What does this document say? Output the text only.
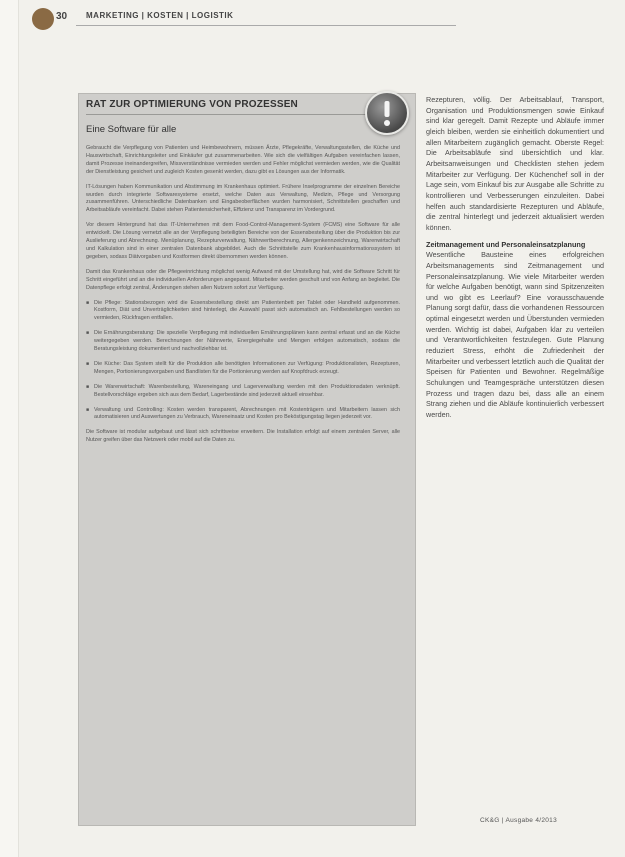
30 MARKETING | KOSTEN | LOGISTIK
RAT ZUR OPTIMIERUNG VON PROZESSEN
Eine Software für alle

Gebraucht die Verpflegung von Patienten und Heimbewohnern, müssen Ärzte, Pflegekräfte, Verwaltungsstellen, die Küche und Hauswirtschaft, Einrichtungsleiter und Einkäufer gut zusammenarbeiten. Wie sich die vielfältigen Aufgaben vereinfachen lassen, damit Prozesse ineinandergreifen, Missverständnisse vermieden werden und Fehler möglichst vermieden werden, wie die Qualität der Dienstleistung gesichert und zugleich Kosten gesenkt werden, dazu gibt es Lösungen aus der Informatik.

IT-Lösungen haben Kommunikation und Abstimmung im Krankenhaus optimiert. Frühere Inselprogramme der einzelnen Bereiche wurden durch integrierte Softwaresysteme ersetzt, welche Daten aus Verwaltung, Medizin, Pflege und Versorgung zusammenführen. Unterschiedliche Datenbanken und Eingabeoberflächen wurden harmonisiert, Schnittstellen geschaffen und Arbeitsabläufe vereinfacht. Dabei stehen Patientensicherheit, Effizienz und Transparenz im Vordergrund.

Vor diesem Hintergrund hat das IT-Unternehmen mit dem Food-Control-Management-System (FCMS) eine Software für alle entwickelt. Die Lösung vernetzt alle an der Verpflegung beteiligten Bereiche von der Essensbestellung über die Produktion bis zur Auslieferung und Abrechnung. Menüplanung, Rezepturverwaltung, Nährwertberechnung, Allergenkennzeichnung, Warenwirtschaft und Kalkulation sind in einer zentralen Datenbank abgebildet. Auch die Schnittstelle zum Krankenhausinformationssystem ist gegeben, sodass Diätvorgaben und Kostformen direkt übernommen werden können.

Damit das Krankenhaus oder die Pflegeeinrichtung möglichst wenig Aufwand mit der Umstellung hat, wird die Software Schritt für Schritt eingeführt und an die individuellen Anforderungen angepasst. Mitarbeiter werden geschult und von Anfang an begleitet. Die Datenpflege erfolgt zentral, Änderungen stehen allen Nutzern sofort zur Verfügung.

■ Die Pflege: Stationsbezogen wird die Essensbestellung direkt am Patientenbett per Tablet oder Handheld aufgenommen. Kostform, Diät und Unverträglichkeiten sind hinterlegt, die Auswahl passt sich automatisch an. Fehlbestellungen werden so vermieden, Rückfragen entfallen.

■ Die Ernährungsberatung: Die spezielle Verpflegung mit individuellen Ernährungsplänen kann zentral erfasst und an die Küche weitergegeben werden. Berechnungen der Nährwerte, Energiegehalte und Mengen erfolgen automatisch, sodass die Beratungsleistung dokumentiert und nachvollziehbar ist.

■ Die Küche: Das System stellt für die Produktion alle benötigten Informationen zur Verfügung: Produktionslisten, Rezepturen, Mengen, Portionierungsvorgaben und Bandlisten für die Portionierung werden auf Knopfdruck erzeugt.

■ Die Warenwirtschaft: Warenbestellung, Wareneingang und Lagerverwaltung werden mit den Produktionsdaten verknüpft. Bestellvorschläge ergeben sich aus dem Bedarf, Lagerbestände sind jederzeit aktuell einsehbar.

■ Verwaltung und Controlling: Kosten werden transparent, Abrechnungen mit Kostenträgern und Mitarbeitern lassen sich automatisieren und Auswertungen zu Verbrauch, Wareneinsatz und Kosten pro Beköstigungstag liegen jederzeit vor.

Die Software ist modular aufgebaut und lässt sich schrittweise erweitern. Die Installation erfolgt auf einem zentralen Server, alle Nutzer greifen über das Netzwerk oder mobil auf die Daten zu.

Rezepturen, völlig. Der Arbeitsablauf, Transport, Organisation und Produktionsmengen sowie Einkauf sind klar geregelt. Damit Rezepte und Abläufe immer gleich bleiben, werden sie einheitlich dokumentiert und allen Mitarbeitern zugänglich gemacht. Oberste Regel: Die Arbeitsabläufe sind übersichtlich und klar. Arbeitsanweisungen und Checklisten stehen jedem Mitarbeiter zur Verfügung. Der Küchenchef soll in der Lage sein, vom Einkauf bis zur Ausgabe alle Schritte zu kontrollieren und Verbesserungen einzuleiten. Dabei helfen auch standardisierte Rezepturen und Abläufe, die zentral hinterlegt und jederzeit aktualisiert werden können.

Zeitmanagement und Personaleinsatzplanung

Wesentliche Bausteine eines erfolgreichen Arbeitsmanagements sind Zeitmanagement und Personaleinsatzplanung. Wie viele Mitarbeiter werden für welche Aufgaben benötigt, wann sind Spitzenzeiten und wo gibt es Leerlauf? Eine vorausschauende Planung sorgt dafür, dass die vorhandenen Ressourcen optimal eingesetzt werden und Überstunden vermieden werden. Wichtig ist dabei, Aufgaben klar zu verteilen und Verantwortlichkeiten festzulegen. Gute Planung reduziert Stress, erhöht die Zufriedenheit der Mitarbeiter und verbessert letztlich auch die Qualität der Speisen für Patienten und Bewohner. Regelmäßige Schulungen und Teamgespräche unterstützen diesen Prozess und tragen dazu bei, dass alle an einem Strang ziehen und die Abläufe kontinuierlich verbessert werden.

CK&G | Ausgabe 4/2013
